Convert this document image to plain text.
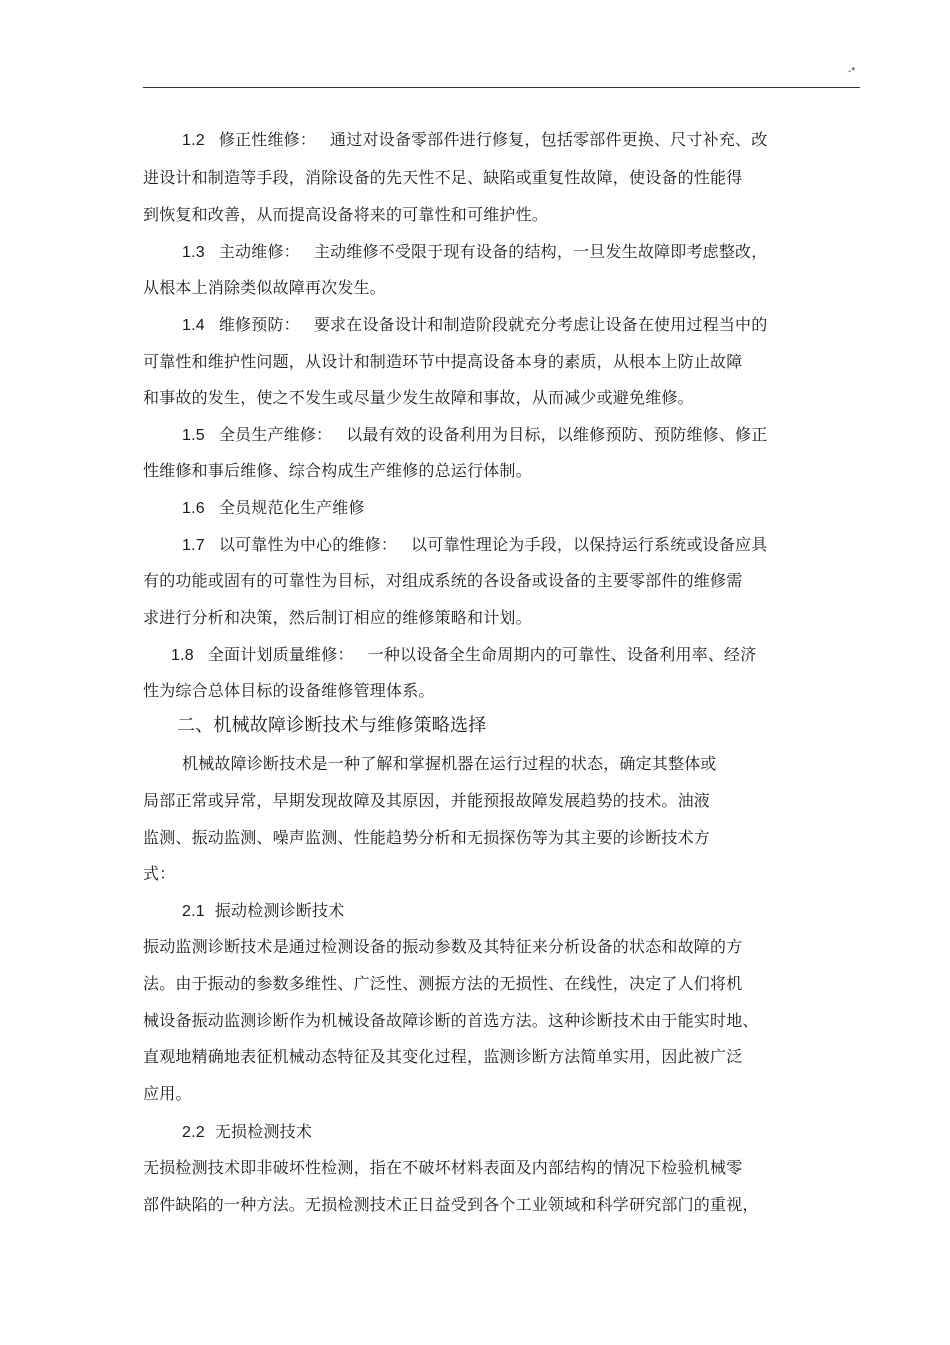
-*
1.2 修正性维修： 通过对设备零部件进行修复，包括零部件更换、尺寸补充、改
进设计和制造等手段，消除设备的先天性不足、缺陷或重复性故障，使设备的性能得
到恢复和改善，从而提高设备将来的可靠性和可维护性。
1.3 主动维修： 主动维修不受限于现有设备的结构，一旦发生故障即考虑整改，
从根本上消除类似故障再次发生。
1.4 维修预防： 要求在设备设计和制造阶段就充分考虑让设备在使用过程当中的
可靠性和维护性问题，从设计和制造环节中提高设备本身的素质，从根本上防止故障
和事故的发生，使之不发生或尽量少发生故障和事故，从而减少或避免维修。
1.5 全员生产维修： 以最有效的设备利用为目标，以维修预防、预防维修、修正
性维修和事后维修、综合构成生产维修的总运行体制。
1.6 全员规范化生产维修
1.7 以可靠性为中心的维修： 以可靠性理论为手段，以保持运行系统或设备应具
有的功能或固有的可靠性为目标，对组成系统的各设备或设备的主要零部件的维修需
求进行分析和决策，然后制订相应的维修策略和计划。
1.8 全面计划质量维修： 一种以设备全生命周期内的可靠性、设备利用率、经济
性为综合总体目标的设备维修管理体系。
二、机械故障诊断技术与维修策略选择
机械故障诊断技术是一种了解和掌握机器在运行过程的状态，确定其整体或
局部正常或异常，早期发现故障及其原因，并能预报故障发展趋势的技术。油液
监测、振动监测、噪声监测、性能趋势分析和无损探伤等为其主要的诊断技术方
式：
2.1 振动检测诊断技术
振动监测诊断技术是通过检测设备的振动参数及其特征来分析设备的状态和故障的方
法。由于振动的参数多维性、广泛性、测振方法的无损性、在线性，决定了人们将机
械设备振动监测诊断作为机械设备故障诊断的首选方法。这种诊断技术由于能实时地、
直观地精确地表征机械动态特征及其变化过程，监测诊断方法简单实用，因此被广泛
应用。
2.2 无损检测技术
无损检测技术即非破坏性检测，指在不破坏材料表面及内部结构的情况下检验机械零
部件缺陷的一种方法。无损检测技术正日益受到各个工业领域和科学研究部门的重视，
